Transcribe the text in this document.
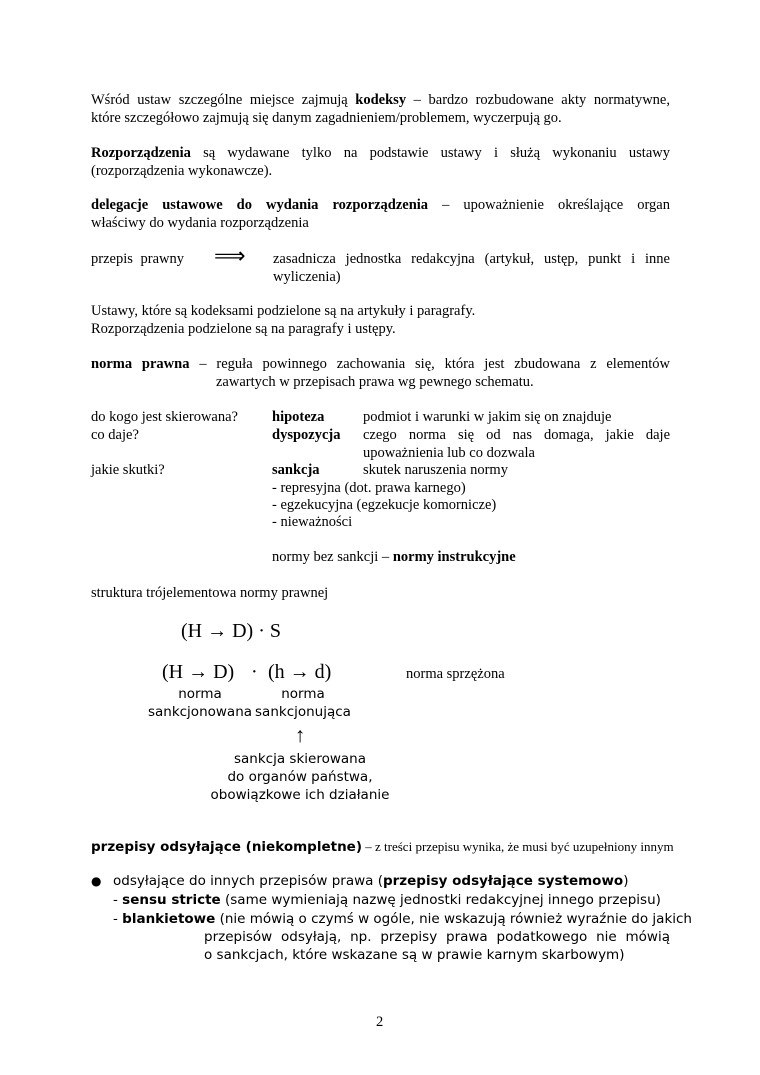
Wśród ustaw szczególne miejsce zajmują kodeksy – bardzo rozbudowane akty normatywne,
które szczegółowo zajmują się danym zagadnieniem/problemem, wyczerpują go.
Rozporządzenia są wydawane tylko na podstawie ustawy i służą wykonaniu ustawy
(rozporządzenia wykonawcze).
delegacje ustawowe do wydania rozporządzenia – upoważnienie określające organ
właściwy do wydania rozporządzenia
przepis prawny ⟹ zasadnicza jednostka redakcyjna (artykuł, ustęp, punkt i inne
wyliczenia)
Ustawy, które są kodeksami podzielone są na artykuły i paragrafy.
Rozporządzenia podzielone są na paragrafy i ustępy.
norma prawna – reguła powinnego zachowania się, która jest zbudowana z elementów
zawartych w przepisach prawa wg pewnego schematu.
do kogo jest skierowana? hipoteza	podmiot i warunki w jakim się on znajduje
co daje?	dyspozycja czego norma się od nas domaga, jakie daje
upoważnienia lub co dozwala
jakie skutki?	sankcja	skutek naruszenia normy
- represyjna (dot. prawa karnego)
- egzekucyjna (egzekucje komornicze)
- nieważności
normy bez sankcji – normy instrukcyjne
struktura trójelementowa normy prawnej
(H → D) · S
(H → D) · (h → d)	norma sprzężona
norma
sankcjonowana
norma
sankcjonująca
↑
sankcja skierowana
do organów państwa,
obowiązkowe ich działanie
przepisy odsyłające (niekompletne) – z treści przepisu wynika, że musi być uzupełniony innym
● odsyłające do innych przepisów prawa (przepisy odsyłające systemowo)
- sensu stricte (same wymieniają nazwę jednostki redakcyjnej innego przepisu)
- blankietowe (nie mówią o czymś w ogóle, nie wskazują również wyraźnie do jakich
przepisów odsyłają, np. przepisy prawa podatkowego nie mówią
o sankcjach, które wskazane są w prawie karnym skarbowym)
2
